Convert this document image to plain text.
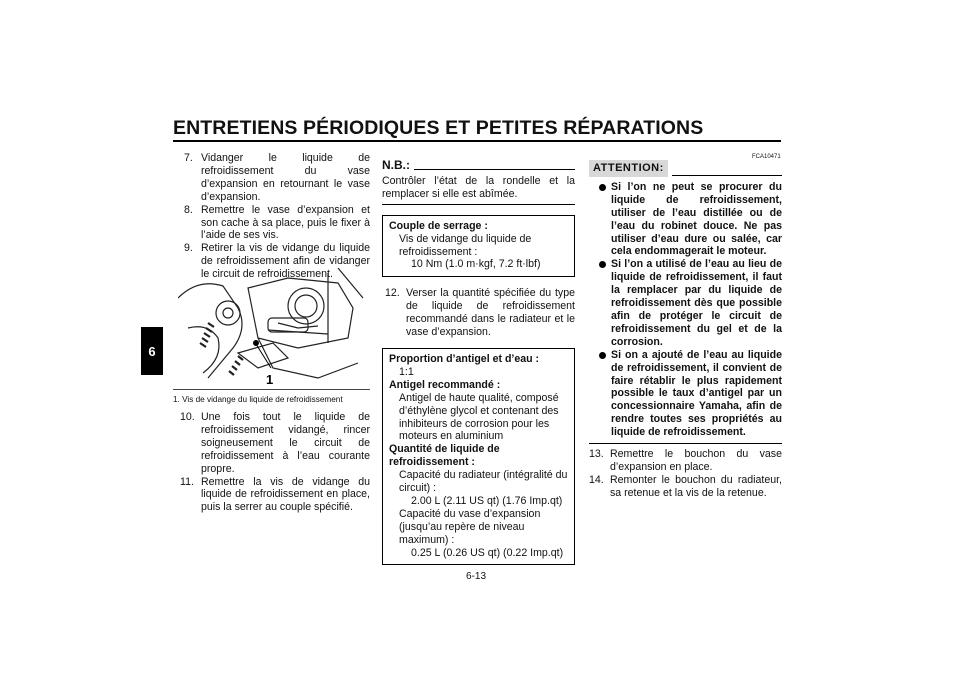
ENTRETIENS PÉRIODIQUES ET PETITES RÉPARATIONS
6
7. Vidanger le liquide de refroidissement du vase d’expansion en retournant le vase d’expansion.
8. Remettre le vase d’expansion et son cache à sa place, puis le fixer à l’aide de ses vis.
9. Retirer la vis de vidange du liquide de refroidissement afin de vidanger le circuit de refroidissement.
1
1. Vis de vidange du liquide de refroidissement
10. Une fois tout le liquide de refroidissement vidangé, rincer soigneusement le circuit de refroidissement à l’eau courante propre.
11. Remettre la vis de vidange du liquide de refroidissement en place, puis la serrer au couple spécifié.
N.B.:
Contrôler l’état de la rondelle et la remplacer si elle est abîmée.
Couple de serrage :
Vis de vidange du liquide de
refroidissement :
10 Nm (1.0 m·kgf, 7.2 ft·lbf)
12. Verser la quantité spécifiée du type de liquide de refroidissement recommandé dans le radiateur et le vase d’expansion.
Proportion d’antigel et d’eau :
1:1
Antigel recommandé :
Antigel de haute qualité, composé d’éthylène glycol et contenant des inhibiteurs de corrosion pour les moteurs en aluminium
Quantité de liquide de refroidissement :
Capacité du radiateur (intégralité du circuit) :
2.00 L (2.11 US qt) (1.76 Imp.qt)
Capacité du vase d’expansion (jusqu’au repère de niveau maximum) :
0.25 L (0.26 US qt) (0.22 Imp.qt)
FCA10471
ATTENTION:
Si l’on ne peut se procurer du liquide de refroidissement, utiliser de l’eau distillée ou de l’eau du robinet douce. Ne pas utiliser d’eau dure ou salée, car cela endommagerait le moteur.
Si l’on a utilisé de l’eau au lieu de liquide de refroidissement, il faut la remplacer par du liquide de refroidissement dès que possible afin de protéger le circuit de refroidissement du gel et de la corrosion.
Si on a ajouté de l’eau au liquide de refroidissement, il convient de faire rétablir le plus rapidement possible le taux d’antigel par un concessionnaire Yamaha, afin de rendre toutes ses propriétés au liquide de refroidissement.
13. Remettre le bouchon du vase d’expansion en place.
14. Remonter le bouchon du radiateur, sa retenue et la vis de la retenue.
6-13
